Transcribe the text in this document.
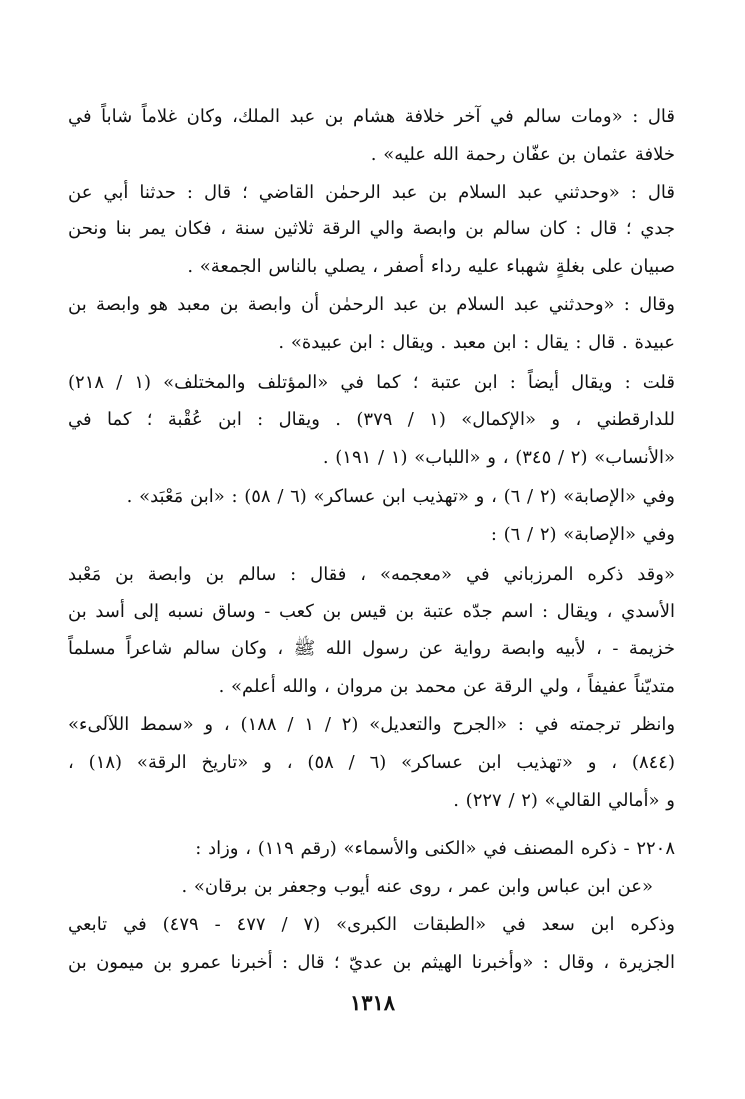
قال : «ومات سالم في آخر خلافة هشام بن عبد الملك، وكان غلاماً شاباً في
خلافة عثمان بن عفّان رحمة الله عليه» .
قال : «وحدثني عبد السلام بن عبد الرحمٰن القاضي ؛ قال : حدثنا أبي عن
جدي ؛ قال : كان سالم بن وابصة والي الرقة ثلاثين سنة ، فكان يمر بنا ونحن
صبيان على بغلةٍ شهباء عليه رداء أصفر ، يصلي بالناس الجمعة» .
وقال : «وحدثني عبد السلام بن عبد الرحمٰن أن وابصة بن معبد هو وابصة بن
عبيدة . قال : يقال : ابن معبد . ويقال : ابن عبيدة» .
قلت : ويقال أيضاً : ابن عتبة ؛ كما في «المؤتلف والمختلف» (١ / ٢١٨)
للدارقطني ، و «الإكمال» (١ / ٣٧٩) . ويقال : ابن عُقْبة ؛ كما في
«الأنساب» (٢ / ٣٤٥) ، و «اللباب» (١ / ١٩١) .
وفي «الإصابة» (٢ / ٦) ، و «تهذيب ابن عساكر» (٦ / ٥٨) : «ابن مَعْبَد» .
وفي «الإصابة» (٢ / ٦) :
«وقد ذكره المرزباني في «معجمه» ، فقال : سالم بن وابصة بن مَعْبد
الأسدي ، ويقال : اسم جدّه عتبة بن قيس بن كعب - وساق نسبه إلى أسد بن
خزيمة - ، لأبيه وابصة رواية عن رسول الله ﷺ ، وكان سالم شاعراً مسلماً
متديّناً عفيفاً ، ولي الرقة عن محمد بن مروان ، والله أعلم» .
وانظر ترجمته في : «الجرح والتعديل» (٢ / ١ / ١٨٨) ، و «سمط اللآلىء»
(٨٤٤) ، و «تهذيب ابن عساكر» (٦ / ٥٨) ، و «تاريخ الرقة» (١٨) ،
و «أمالي القالي» (٢ / ٢٢٧) .
٢٢٠٨ - ذكره المصنف في «الكنى والأسماء» (رقم ١١٩) ، وزاد :
«عن ابن عباس وابن عمر ، روى عنه أيوب وجعفر بن برقان» .
وذكره ابن سعد في «الطبقات الكبرى» (٧ / ٤٧٧ - ٤٧٩) في تابعي
الجزيرة ، وقال : «وأخبرنا الهيثم بن عديّ ؛ قال : أخبرنا عمرو بن ميمون بن
١٣١٨
